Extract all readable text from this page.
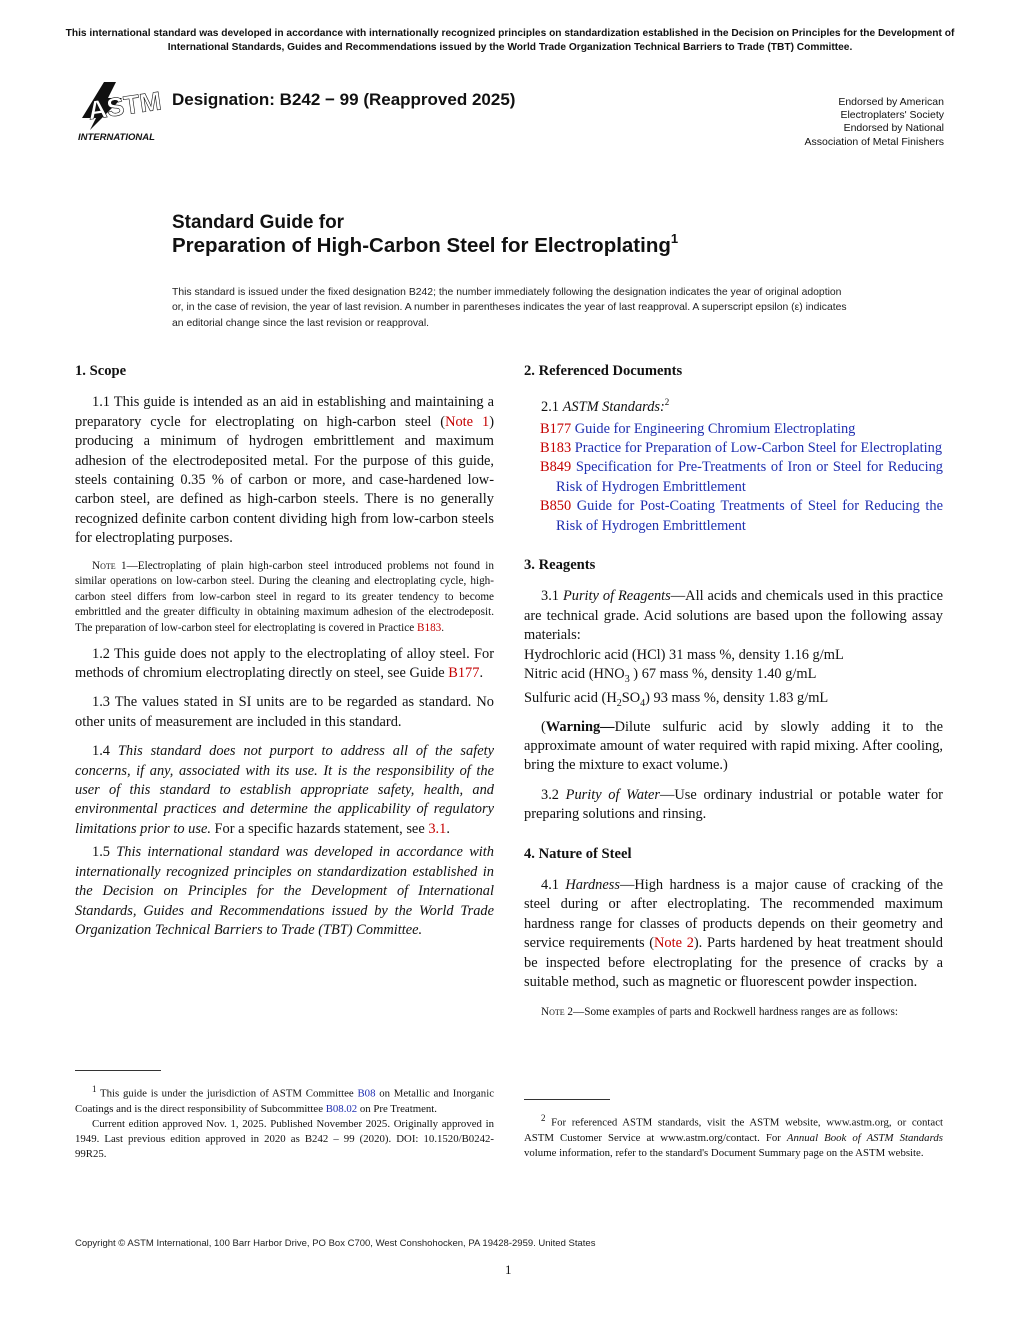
This international standard was developed in accordance with internationally recognized principles on standardization established in the Decision on Principles for the Development of International Standards, Guides and Recommendations issued by the World Trade Organization Technical Barriers to Trade (TBT) Committee.
ASTM
INTERNATIONAL
Designation: B242 − 99 (Reapproved 2025)	Endorsed by American
Electroplaters' Society
Endorsed by National
Association of Metal Finishers
Standard Guide for
Preparation of High-Carbon Steel for Electroplating$^1$
This standard is issued under the fixed designation B242; the number immediately following the designation indicates the year of original adoption or, in the case of revision, the year of last revision. A number in parentheses indicates the year of last reapproval. A superscript epsilon (ε) indicates an editorial change since the last revision or reapproval.
1. Scope

1.1 This guide is intended as an aid in establishing and maintaining a preparatory cycle for electroplating on high-carbon steel (Note 1) producing a minimum of hydrogen embrittlement and maximum adhesion of the electrodeposited metal. For the purpose of this guide, steels containing 0.35 % of carbon or more, and case-hardened low-carbon steel, are defined as high-carbon steels. There is no generally recognized definite carbon content dividing high from low-carbon steels for electroplating purposes.

Note 1—Electroplating of plain high-carbon steel introduced problems not found in similar operations on low-carbon steel. During the cleaning and electroplating cycle, high-carbon steel differs from low-carbon steel in regard to its greater tendency to become embrittled and the greater difficulty in obtaining maximum adhesion of the electrodeposit. The preparation of low-carbon steel for electroplating is covered in Practice B183.

1.2 This guide does not apply to the electroplating of alloy steel. For methods of chromium electroplating directly on steel, see Guide B177.

1.3 The values stated in SI units are to be regarded as standard. No other units of measurement are included in this standard.

1.4 This standard does not purport to address all of the safety concerns, if any, associated with its use. It is the responsibility of the user of this standard to establish appropriate safety, health, and environmental practices and determine the applicability of regulatory limitations prior to use. For a specific hazards statement, see 3.1.

1.5 This international standard was developed in accordance with internationally recognized principles on standardization established in the Decision on Principles for the Development of International Standards, Guides and Recommendations issued by the World Trade Organization Technical Barriers to Trade (TBT) Committee.

$^1$ This guide is under the jurisdiction of ASTM Committee B08 on Metallic and Inorganic Coatings and is the direct responsibility of Subcommittee B08.02 on Pre Treatment.
Current edition approved Nov. 1, 2025. Published November 2025. Originally approved in 1949. Last previous edition approved in 2020 as B242 – 99 (2020). DOI: 10.1520/B0242-99R25.
2. Referenced Documents

2.1 ASTM Standards:$^2$

B177 Guide for Engineering Chromium Electroplating

B183 Practice for Preparation of Low-Carbon Steel for Electroplating

B849 Specification for Pre-Treatments of Iron or Steel for Reducing Risk of Hydrogen Embrittlement

B850 Guide for Post-Coating Treatments of Steel for Reducing the Risk of Hydrogen Embrittlement

3. Reagents

3.1 Purity of Reagents—All acids and chemicals used in this practice are technical grade. Acid solutions are based upon the following assay materials:

Hydrochloric acid (HCl) 31 mass %, density 1.16 g/mL
Nitric acid ($HNO_3$ ) 67 mass %, density 1.40 g/mL
Sulfuric acid $(H_2SO_4)$ 93 mass %, density 1.83 g/mL

(Warning—Dilute sulfuric acid by slowly adding it to the approximate amount of water required with rapid mixing. After cooling, bring the mixture to exact volume.)

3.2 Purity of Water—Use ordinary industrial or potable water for preparing solutions and rinsing.

4. Nature of Steel

4.1 Hardness—High hardness is a major cause of cracking of the steel during or after electroplating. The recommended maximum hardness range for classes of products depends on their geometry and service requirements (Note 2). Parts hardened by heat treatment should be inspected before electroplating for the presence of cracks by a suitable method, such as magnetic or fluorescent powder inspection.

Note 2—Some examples of parts and Rockwell hardness ranges are as follows:
$^2$ For referenced ASTM standards, visit the ASTM website, www.astm.org, or contact ASTM Customer Service at www.astm.org/contact. For Annual Book of ASTM Standards volume information, refer to the standard's Document Summary page on the ASTM website.
Copyright © ASTM International, 100 Barr Harbor Drive, PO Box C700, West Conshohocken, PA 19428-2959. United States
1
